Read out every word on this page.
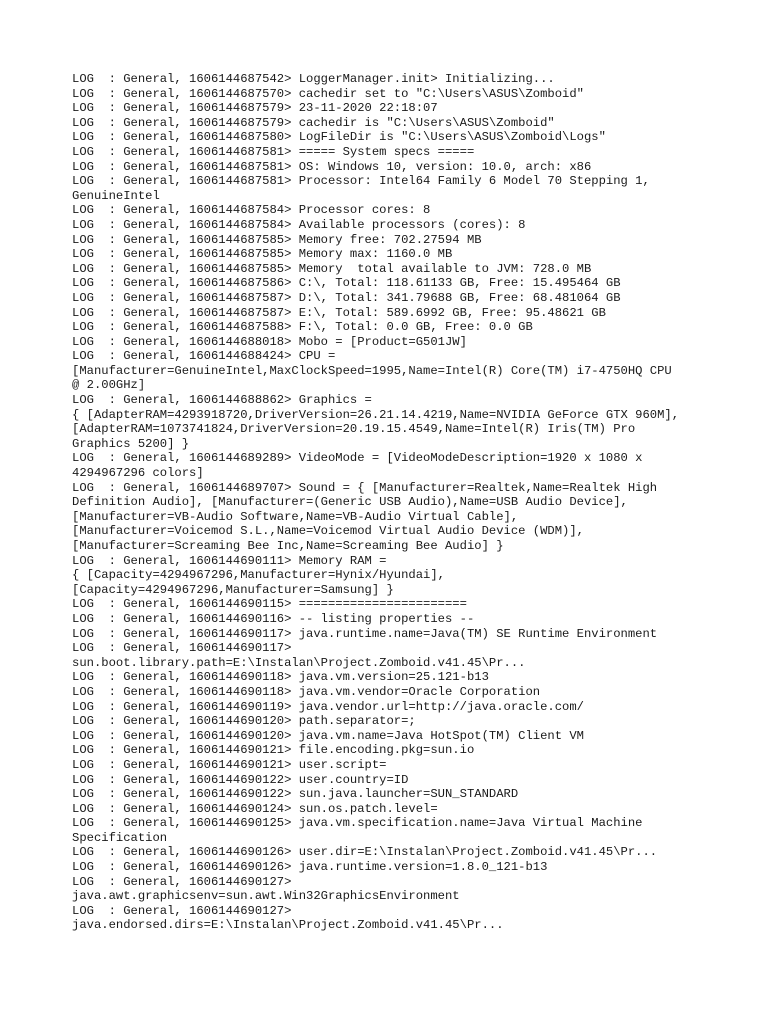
LOG  : General, 1606144687542> LoggerManager.init> Initializing...
LOG  : General, 1606144687570> cachedir set to "C:\Users\ASUS\Zomboid"
LOG  : General, 1606144687579> 23-11-2020 22:18:07
LOG  : General, 1606144687579> cachedir is "C:\Users\ASUS\Zomboid"
LOG  : General, 1606144687580> LogFileDir is "C:\Users\ASUS\Zomboid\Logs"
LOG  : General, 1606144687581> ===== System specs =====
LOG  : General, 1606144687581> OS: Windows 10, version: 10.0, arch: x86
LOG  : General, 1606144687581> Processor: Intel64 Family 6 Model 70 Stepping 1,
GenuineIntel
LOG  : General, 1606144687584> Processor cores: 8
LOG  : General, 1606144687584> Available processors (cores): 8
LOG  : General, 1606144687585> Memory free: 702.27594 MB
LOG  : General, 1606144687585> Memory max: 1160.0 MB
LOG  : General, 1606144687585> Memory  total available to JVM: 728.0 MB
LOG  : General, 1606144687586> C:\, Total: 118.61133 GB, Free: 15.495464 GB
LOG  : General, 1606144687587> D:\, Total: 341.79688 GB, Free: 68.481064 GB
LOG  : General, 1606144687587> E:\, Total: 589.6992 GB, Free: 95.48621 GB
LOG  : General, 1606144687588> F:\, Total: 0.0 GB, Free: 0.0 GB
LOG  : General, 1606144688018> Mobo = [Product=G501JW]
LOG  : General, 1606144688424> CPU =
[Manufacturer=GenuineIntel,MaxClockSpeed=1995,Name=Intel(R) Core(TM) i7-4750HQ CPU
@ 2.00GHz]
LOG  : General, 1606144688862> Graphics =
{ [AdapterRAM=4293918720,DriverVersion=26.21.14.4219,Name=NVIDIA GeForce GTX 960M],
[AdapterRAM=1073741824,DriverVersion=20.19.15.4549,Name=Intel(R) Iris(TM) Pro
Graphics 5200] }
LOG  : General, 1606144689289> VideoMode = [VideoModeDescription=1920 x 1080 x
4294967296 colors]
LOG  : General, 1606144689707> Sound = { [Manufacturer=Realtek,Name=Realtek High
Definition Audio], [Manufacturer=(Generic USB Audio),Name=USB Audio Device],
[Manufacturer=VB-Audio Software,Name=VB-Audio Virtual Cable],
[Manufacturer=Voicemod S.L.,Name=Voicemod Virtual Audio Device (WDM)],
[Manufacturer=Screaming Bee Inc,Name=Screaming Bee Audio] }
LOG  : General, 1606144690111> Memory RAM =
{ [Capacity=4294967296,Manufacturer=Hynix/Hyundai],
[Capacity=4294967296,Manufacturer=Samsung] }
LOG  : General, 1606144690115> =======================
LOG  : General, 1606144690116> -- listing properties --
LOG  : General, 1606144690117> java.runtime.name=Java(TM) SE Runtime Environment
LOG  : General, 1606144690117>
sun.boot.library.path=E:\Instalan\Project.Zomboid.v41.45\Pr...
LOG  : General, 1606144690118> java.vm.version=25.121-b13
LOG  : General, 1606144690118> java.vm.vendor=Oracle Corporation
LOG  : General, 1606144690119> java.vendor.url=http://java.oracle.com/
LOG  : General, 1606144690120> path.separator=;
LOG  : General, 1606144690120> java.vm.name=Java HotSpot(TM) Client VM
LOG  : General, 1606144690121> file.encoding.pkg=sun.io
LOG  : General, 1606144690121> user.script=
LOG  : General, 1606144690122> user.country=ID
LOG  : General, 1606144690122> sun.java.launcher=SUN_STANDARD
LOG  : General, 1606144690124> sun.os.patch.level=
LOG  : General, 1606144690125> java.vm.specification.name=Java Virtual Machine
Specification
LOG  : General, 1606144690126> user.dir=E:\Instalan\Project.Zomboid.v41.45\Pr...
LOG  : General, 1606144690126> java.runtime.version=1.8.0_121-b13
LOG  : General, 1606144690127>
java.awt.graphicsenv=sun.awt.Win32GraphicsEnvironment
LOG  : General, 1606144690127>
java.endorsed.dirs=E:\Instalan\Project.Zomboid.v41.45\Pr...
